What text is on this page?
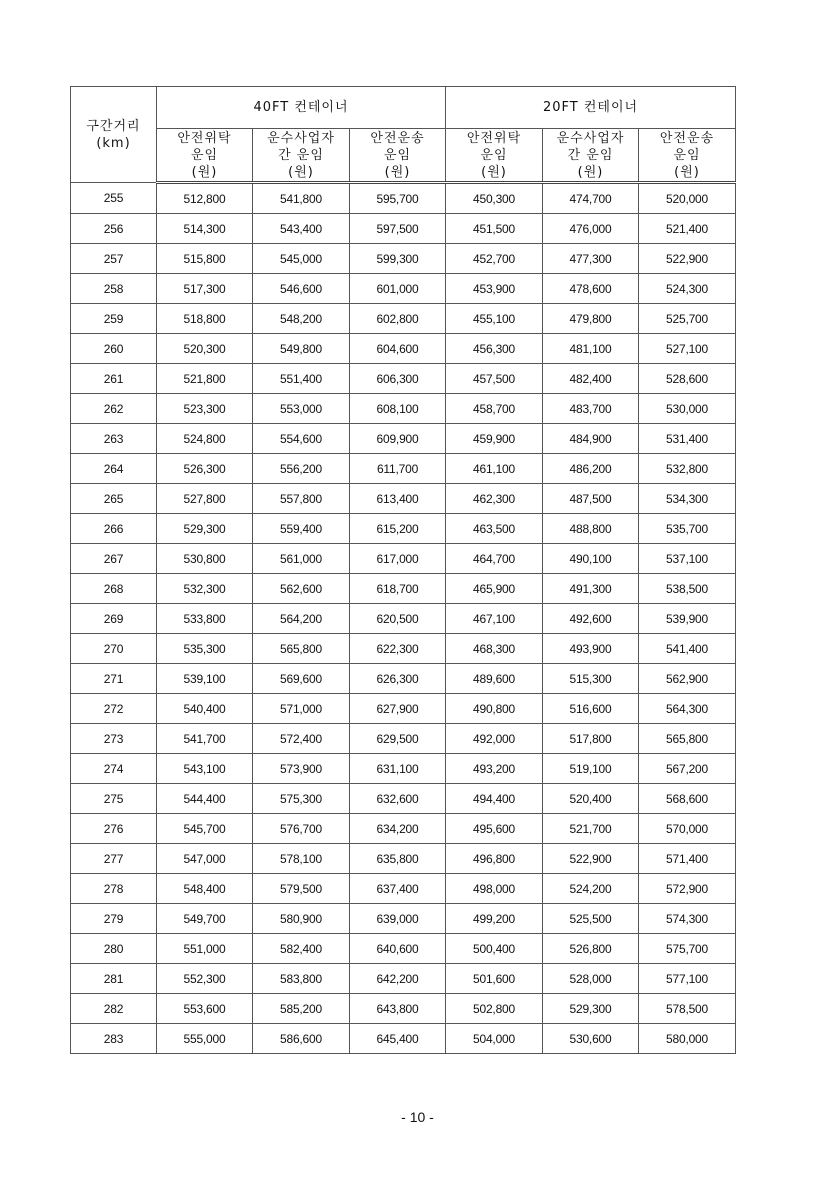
구간거리
(km)	40FT 컨테이너			20FT 컨테이너		

	안전위탁
운임
(원)	운수사업자
간 운임
(원)	안전운송
운임
(원)	안전위탁
운임
(원)	운수사업자
간 운임
(원)	안전운송
운임
(원)

255	512,800	541,800	595,700	450,300	474,700	520,000
256	514,300	543,400	597,500	451,500	476,000	521,400
257	515,800	545,000	599,300	452,700	477,300	522,900
258	517,300	546,600	601,000	453,900	478,600	524,300
259	518,800	548,200	602,800	455,100	479,800	525,700
260	520,300	549,800	604,600	456,300	481,100	527,100
261	521,800	551,400	606,300	457,500	482,400	528,600
262	523,300	553,000	608,100	458,700	483,700	530,000
263	524,800	554,600	609,900	459,900	484,900	531,400
264	526,300	556,200	611,700	461,100	486,200	532,800
265	527,800	557,800	613,400	462,300	487,500	534,300
266	529,300	559,400	615,200	463,500	488,800	535,700
267	530,800	561,000	617,000	464,700	490,100	537,100
268	532,300	562,600	618,700	465,900	491,300	538,500
269	533,800	564,200	620,500	467,100	492,600	539,900
270	535,300	565,800	622,300	468,300	493,900	541,400
271	539,100	569,600	626,300	489,600	515,300	562,900
272	540,400	571,000	627,900	490,800	516,600	564,300
273	541,700	572,400	629,500	492,000	517,800	565,800
274	543,100	573,900	631,100	493,200	519,100	567,200
275	544,400	575,300	632,600	494,400	520,400	568,600
276	545,700	576,700	634,200	495,600	521,700	570,000
277	547,000	578,100	635,800	496,800	522,900	571,400
278	548,400	579,500	637,400	498,000	524,200	572,900
279	549,700	580,900	639,000	499,200	525,500	574,300
280	551,000	582,400	640,600	500,400	526,800	575,700
281	552,300	583,800	642,200	501,600	528,000	577,100
282	553,600	585,200	643,800	502,800	529,300	578,500
283	555,000	586,600	645,400	504,000	530,600	580,000
- 10 -
